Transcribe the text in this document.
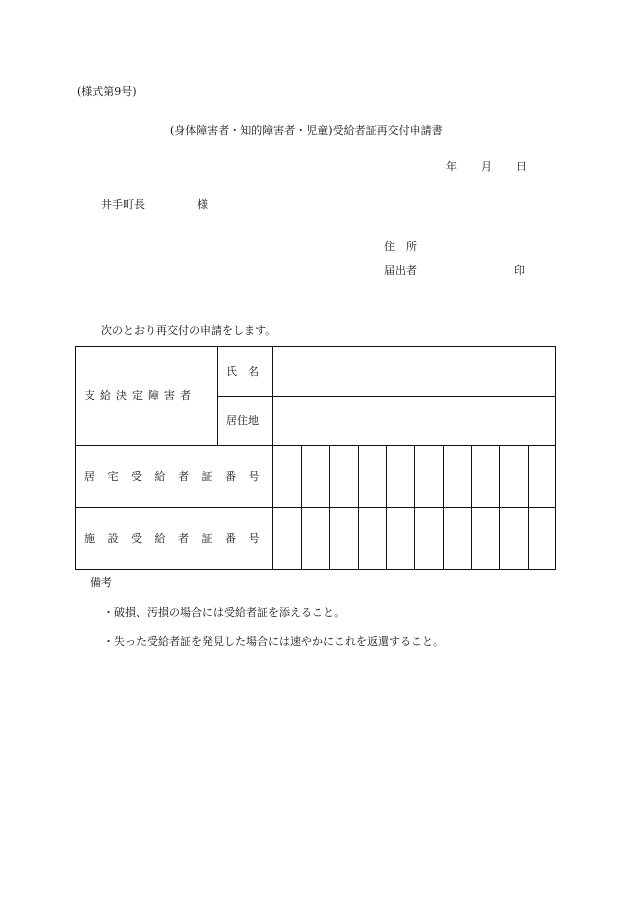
(様式第9号)
(身体障害者・知的障害者・児童)受給者証再交付申請書
年 月 日
井手町長	様
住　所
届出者	印
次のとおり再交付の申請をします。
支給決定障害者
氏　名
居住地
居宅受給者証番号
施設受給者証番号
備考
・破損、汚損の場合には受給者証を添えること。
・失った受給者証を発見した場合には速やかにこれを返還すること。
